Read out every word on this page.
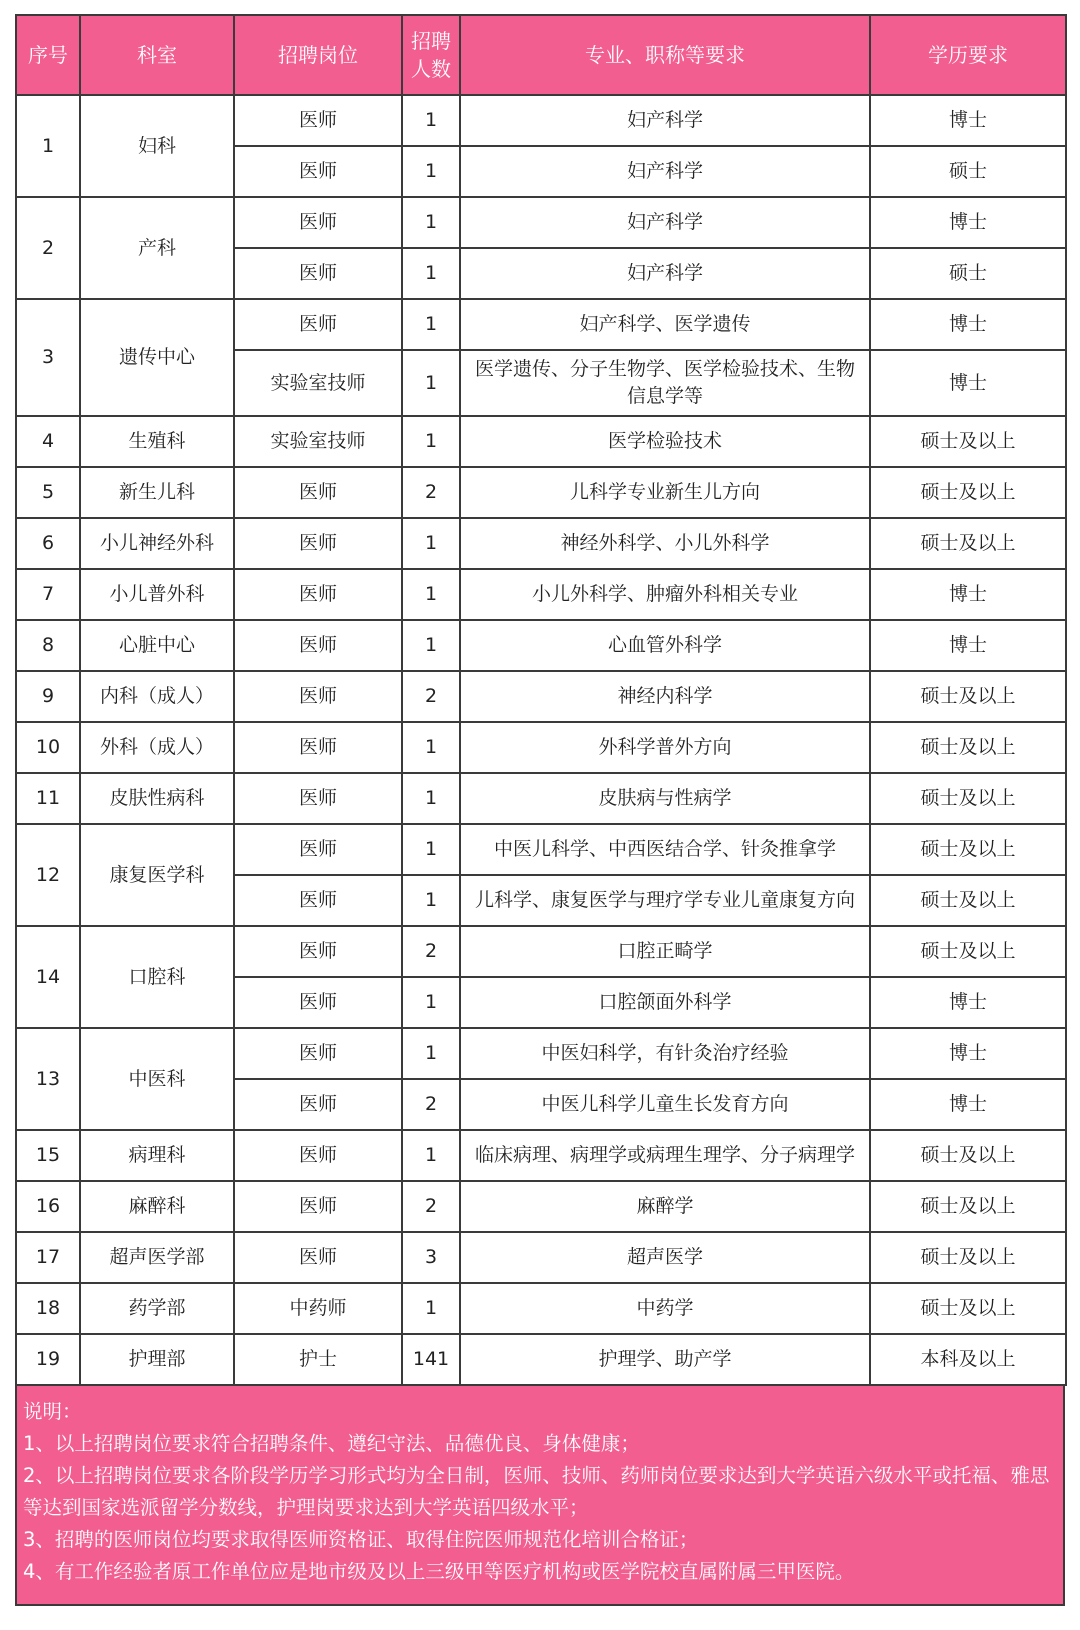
序号	科室	招聘岗位	招聘人数	专业、职称等要求	学历要求
1	妇科	医师	1	妇产科学	博士
		医师	1	妇产科学	硕士
2	产科	医师	1	妇产科学	博士
		医师	1	妇产科学	硕士
3	遗传中心	医师	1	妇产科学、医学遗传	博士
		实验室技师	1	医学遗传、分子生物学、医学检验技术、生物信息学等	博士
4	生殖科	实验室技师	1	医学检验技术	硕士及以上
5	新生儿科	医师	2	儿科学专业新生儿方向	硕士及以上
6	小儿神经外科	医师	1	神经外科学、小儿外科学	硕士及以上
7	小儿普外科	医师	1	小儿外科学、肿瘤外科相关专业	博士
8	心脏中心	医师	1	心血管外科学	博士
9	内科（成人）	医师	2	神经内科学	硕士及以上
10	外科（成人）	医师	1	外科学普外方向	硕士及以上
11	皮肤性病科	医师	1	皮肤病与性病学	硕士及以上
12	康复医学科	医师	1	中医儿科学、中西医结合学、针灸推拿学	硕士及以上
		医师	1	儿科学、康复医学与理疗学专业儿童康复方向	硕士及以上
14	口腔科	医师	2	口腔正畸学	硕士及以上
		医师	1	口腔颌面外科学	博士
13	中医科	医师	1	中医妇科学，有针灸治疗经验	博士
		医师	2	中医儿科学儿童生长发育方向	博士
15	病理科	医师	1	临床病理、病理学或病理生理学、分子病理学	硕士及以上
16	麻醉科	医师	2	麻醉学	硕士及以上
17	超声医学部	医师	3	超声医学	硕士及以上
18	药学部	中药师	1	中药学	硕士及以上
19	护理部	护士	141	护理学、助产学	本科及以上
说明：
1、以上招聘岗位要求符合招聘条件、遵纪守法、品德优良、身体健康；
2、以上招聘岗位要求各阶段学历学习形式均为全日制，医师、技师、药师岗位要求达到大学英语六级水平或托福、雅思等达到国家选派留学分数线，护理岗要求达到大学英语四级水平；
3、招聘的医师岗位均要求取得医师资格证、取得住院医师规范化培训合格证；
4、有工作经验者原工作单位应是地市级及以上三级甲等医疗机构或医学院校直属附属三甲医院。
